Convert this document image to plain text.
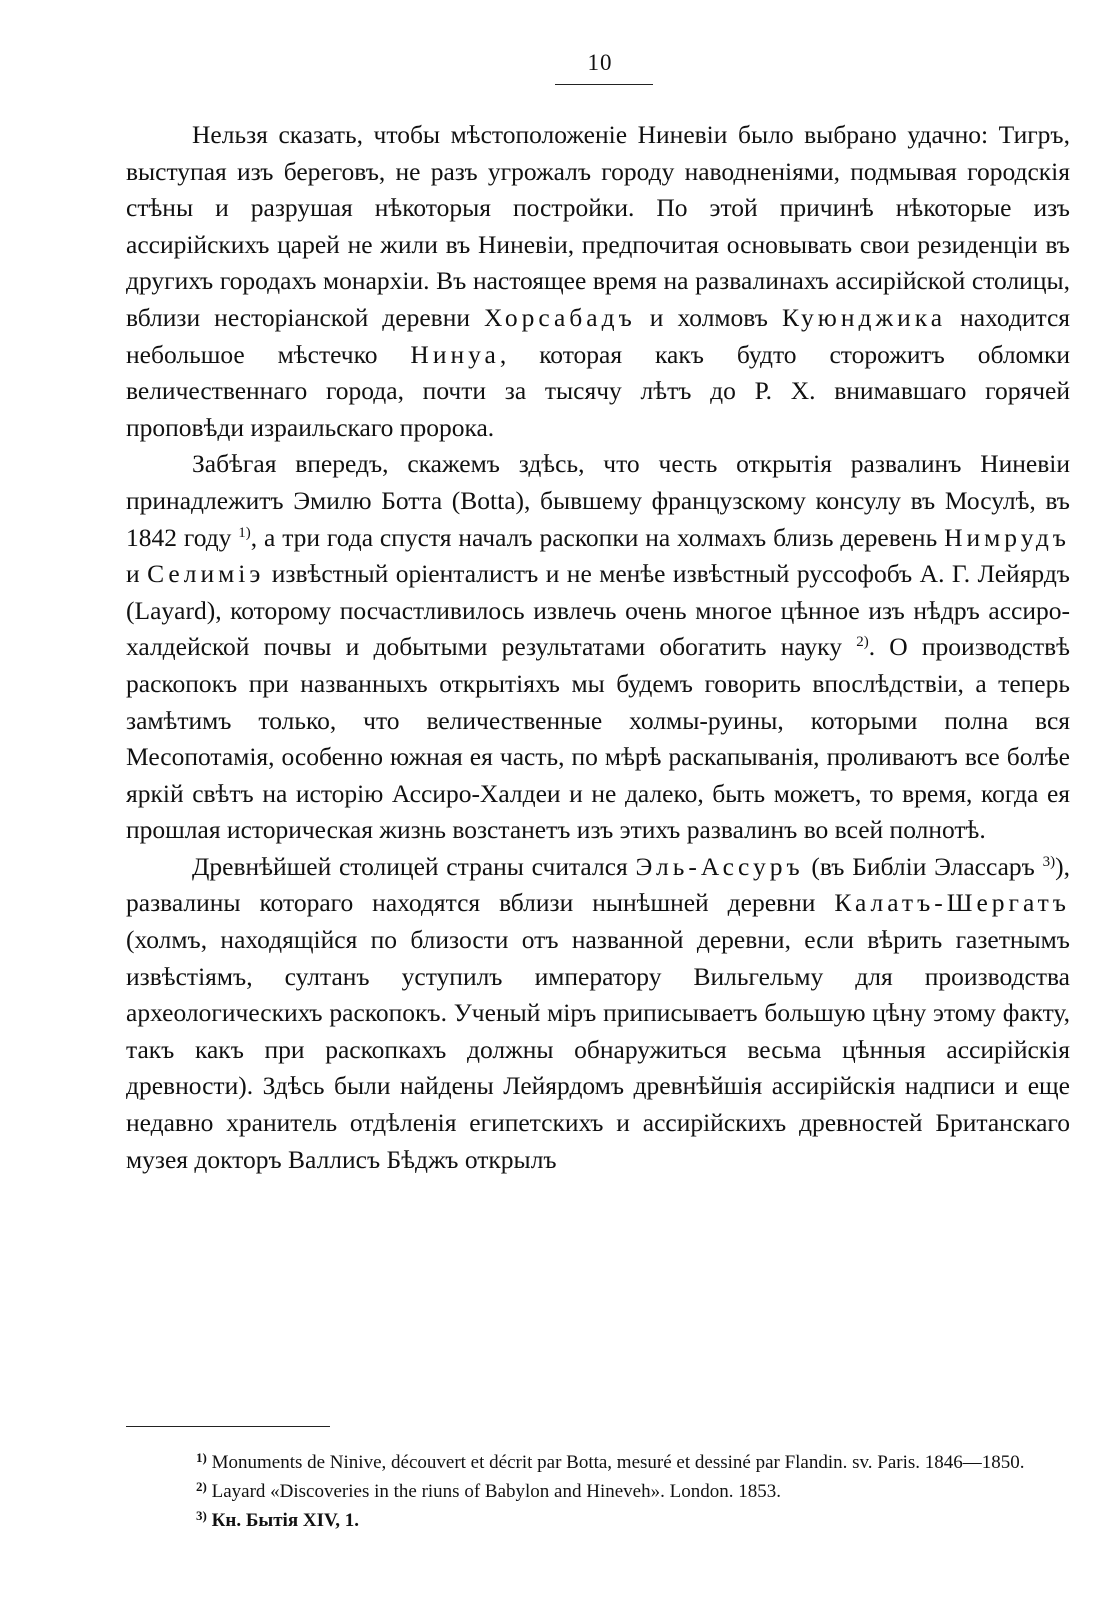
10

Нельзя сказать, чтобы мѣстоположеніе Ниневіи было выбрано удачно: Тигръ, выступая изъ береговъ, не разъ угрожалъ городу наводненіями, подмывая городскія стѣны и разрушая нѣкоторыя постройки. По этой причинѣ нѣкоторые изъ ассирійскихъ царей не жили въ Ниневіи, предпочитая основывать свои резиденціи въ другихъ городахъ монархіи. Въ настоящее время на развалинахъ ассирійской столицы, вблизи несторіанской деревни Хорсабадъ и холмовъ Куюнджика находится небольшое мѣстечко Нинуа, которая какъ будто сторожитъ обломки величественнаго города, почти за тысячу лѣтъ до Р. Х. внимавшаго горячей проповѣди израильскаго пророка.

Забѣгая впередъ, скажемъ здѣсь, что честь открытія развалинъ Ниневіи принадлежитъ Эмилю Ботта (Botta), бывшему французскому консулу въ Мосулѣ, въ 1842 году $^{1)}$, а три года спустя началъ раскопки на холмахъ близь деревень Нимрудъ и Селиміэ извѣстный оріенталистъ и не менѣе извѣстный руссофобъ А. Г. Лейярдъ (Layard), которому посчастливилось извлечь очень многое цѣнное изъ нѣдръ ассиро-халдейской почвы и добытыми результатами обогатить науку $^{2)}$. О производствѣ раскопокъ при названныхъ открытіяхъ мы будемъ говорить впослѣдствіи, а теперь замѣтимъ только, что величественные холмы-руины, которыми полна вся Месопотамія, особенно южная ея часть, по мѣрѣ раскапыванія, проливаютъ все болѣе яркій свѣтъ на исторію Ассиро-Халдеи и не далеко, быть можетъ, то время, когда ея прошлая историческая жизнь возстанетъ изъ этихъ развалинъ во всей полнотѣ.

Древнѣйшей столицей страны считался Эль-Ассуръ (въ Библіи Элассаръ $^{3)}$), развалины котораго находятся вблизи нынѣшней деревни Калатъ-Шергатъ (холмъ, находящійся по близости отъ названной деревни, если вѣрить газетнымъ извѣстіямъ, султанъ уступилъ императору Вильгельму для производства археологическихъ раскопокъ. Ученый міръ приписываетъ большую цѣну этому факту, такъ какъ при раскопкахъ должны обнаружиться весьма цѣнныя ассирійскія древности). Здѣсь были найдены Лейярдомъ древнѣйшія ассирійскія надписи и еще недавно хранитель отдѣленія египетскихъ и ассирійскихъ древностей Британскаго музея докторъ Валлисъ Бѣджъ открылъ

$^{1)}$ Monuments de Ninive, découvert et décrit par Botta, mesuré et dessiné par Flandin. sv. Paris. 1846—1850.

$^{2)}$ Layard «Discoveries in the riuns of Babylon and Hineveh». London. 1853.

$^{3)}$ Кн. Бытія XIV, 1.
